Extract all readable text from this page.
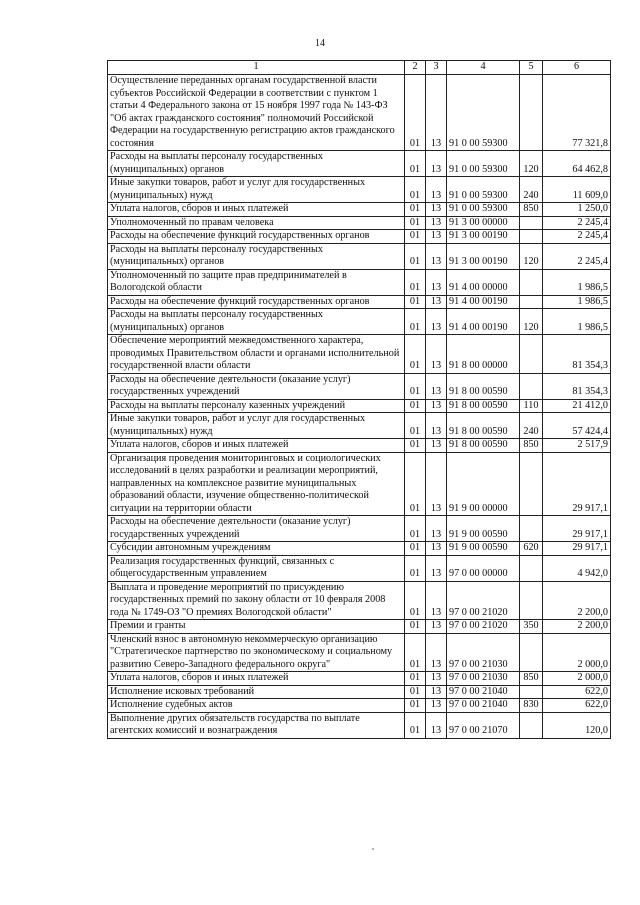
14
1	2	3	4	5	6
Осуществление переданных органам государственной власти субъектов Российской Федерации в соответствии с пунктом 1 статьи 4 Федерального закона от 15 ноября 1997 года № 143-ФЗ "Об актах гражданского состояния" полномочий Российской Федерации на государственную регистрацию актов гражданского состояния	01	13	91 0 00 59300		77 321,8
Расходы на выплаты персоналу государственных (муниципальных) органов	01	13	91 0 00 59300	120	64 462,8
Иные закупки товаров, работ и услуг для государственных (муниципальных) нужд	01	13	91 0 00 59300	240	11 609,0
Уплата налогов, сборов и иных платежей	01	13	91 0 00 59300	850	1 250,0
Уполномоченный по правам человека	01	13	91 3 00 00000		2 245,4
Расходы на обеспечение функций государственных органов	01	13	91 3 00 00190		2 245,4
Расходы на выплаты персоналу государственных (муниципальных) органов	01	13	91 3 00 00190	120	2 245,4
Уполномоченный по защите прав предпринимателей в Вологодской области	01	13	91 4 00 00000		1 986,5
Расходы на обеспечение функций государственных органов	01	13	91 4 00 00190		1 986,5
Расходы на выплаты персоналу государственных (муниципальных) органов	01	13	91 4 00 00190	120	1 986,5
Обеспечение мероприятий межведомственного характера, проводимых Правительством области и органами исполнительной государственной власти области	01	13	91 8 00 00000		81 354,3
Расходы на обеспечение деятельности (оказание услуг) государственных учреждений	01	13	91 8 00 00590		81 354,3
Расходы на выплаты персоналу казенных учреждений	01	13	91 8 00 00590	110	21 412,0
Иные закупки товаров, работ и услуг для государственных (муниципальных) нужд	01	13	91 8 00 00590	240	57 424,4
Уплата налогов, сборов и иных платежей	01	13	91 8 00 00590	850	2 517,9
Организация проведения мониторинговых и социологических исследований в целях разработки и реализации мероприятий, направленных на комплексное развитие муниципальных образований области, изучение общественно-политической ситуации на территории области	01	13	91 9 00 00000		29 917,1
Расходы на обеспечение деятельности (оказание услуг) государственных учреждений	01	13	91 9 00 00590		29 917,1
Субсидии автономным учреждениям	01	13	91 9 00 00590	620	29 917,1
Реализация государственных функций, связанных с общегосударственным управлением	01	13	97 0 00 00000		4 942,0
Выплата и проведение мероприятий по присуждению государственных премий по закону области от 10 февраля 2008 года № 1749-ОЗ "О премиях Вологодской области"	01	13	97 0 00 21020		2 200,0
Премии и гранты	01	13	97 0 00 21020	350	2 200,0
Членский взнос в автономную некоммерческую организацию "Стратегическое партнерство по экономическому и социальному развитию Северо-Западного федерального округа"	01	13	97 0 00 21030		2 000,0
Уплата налогов, сборов и иных платежей	01	13	97 0 00 21030	850	2 000,0
Исполнение исковых требований	01	13	97 0 00 21040		622,0
Исполнение судебных актов	01	13	97 0 00 21040	830	622,0
Выполнение других обязательств государства по выплате агентских комиссий и вознаграждения	01	13	97 0 00 21070		120,0
